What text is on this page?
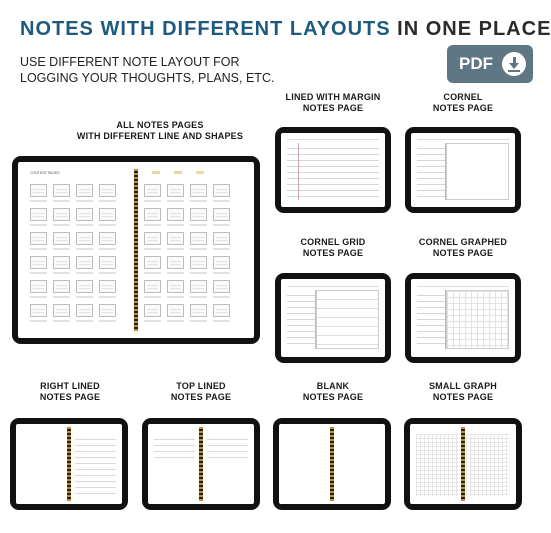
NOTES WITH DIFFERENT LAYOUTS IN ONE PLACE
USE DIFFERENT NOTE LAYOUT FOR
LOGGING YOUR THOUGHTS, PLANS, ETC.
PDF
ALL NOTES PAGES
WITH DIFFERENT LINE AND SHAPES
CONTENT PAGES
LINED WITH MARGIN
NOTES PAGE
CORNEL
NOTES PAGE
CORNEL GRID
NOTES PAGE
CORNEL GRAPHED
NOTES PAGE
RIGHT LINED
NOTES PAGE
TOP LINED
NOTES PAGE
BLANK
NOTES PAGE
SMALL GRAPH
NOTES PAGE
